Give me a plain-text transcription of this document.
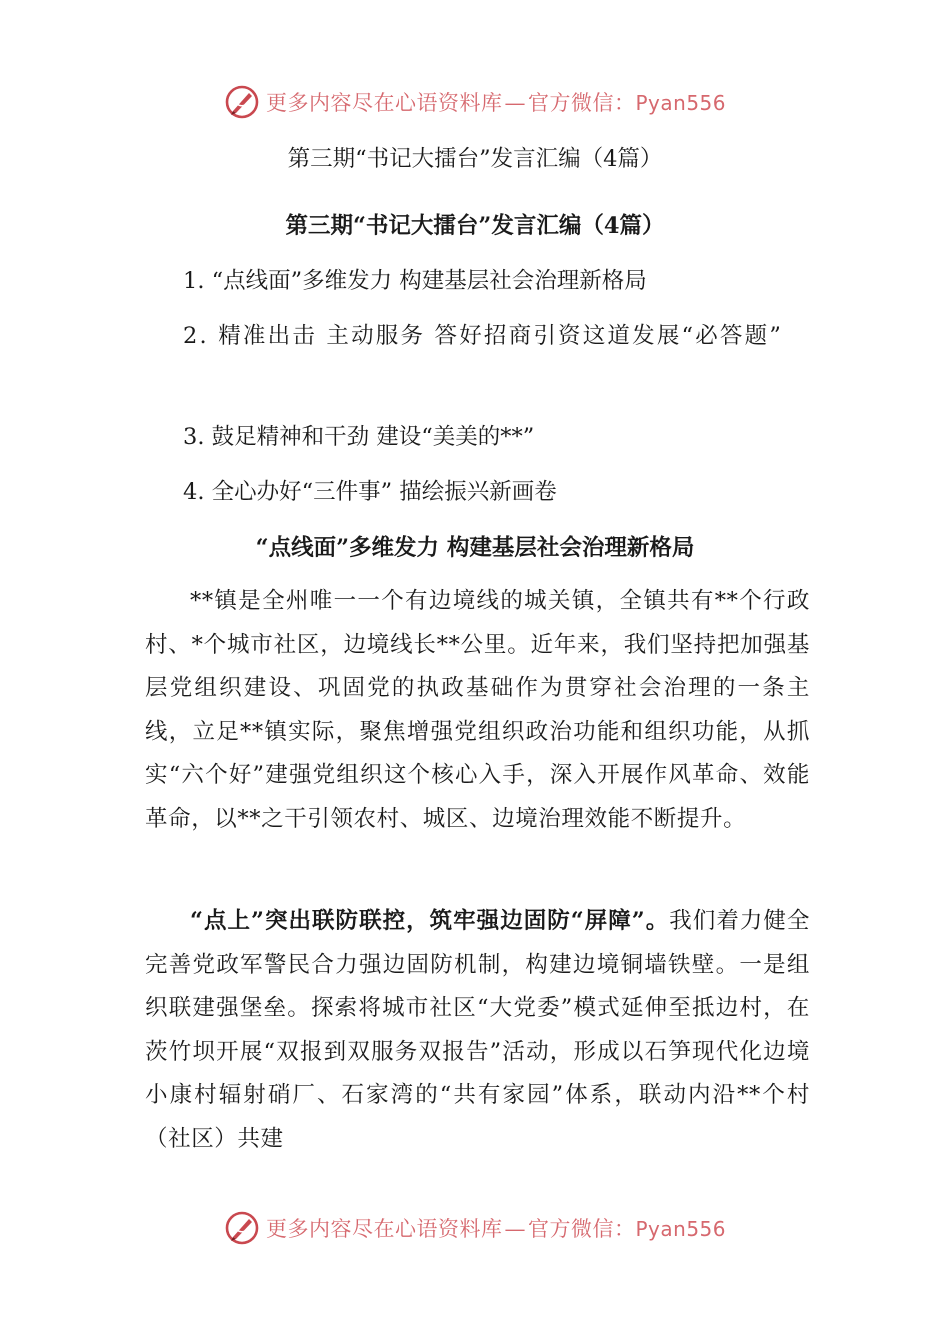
更多内容尽在心语资料库—官方微信：Pyan556
第三期“书记大擂台”发言汇编（4篇）
第三期“书记大擂台”发言汇编（4篇）
1. “点线面”多维发力 构建基层社会治理新格局
2. 精准出击 主动服务 答好招商引资这道发展“必答题”
3. 鼓足精神和干劲 建设“美美的**”
4. 全心办好“三件事” 描绘振兴新画卷
“点线面”多维发力 构建基层社会治理新格局
**镇是全州唯一一个有边境线的城关镇，全镇共有**个行政村、*个城市社区，边境线长**公里。近年来，我们坚持把加强基层党组织建设、巩固党的执政基础作为贯穿社会治理的一条主线，立足**镇实际，聚焦增强党组织政治功能和组织功能，从抓实“六个好”建强党组织这个核心入手，深入开展作风革命、效能革命，以**之干引领农村、城区、边境治理效能不断提升。
“点上”突出联防联控，筑牢强边固防“屏障”。我们着力健全完善党政军警民合力强边固防机制，构建边境铜墙铁壁。一是组织联建强堡垒。探索将城市社区“大党委”模式延伸至抵边村，在茨竹坝开展“双报到双服务双报告”活动，形成以石笋现代化边境小康村辐射硝厂、石家湾的“共有家园”体系，联动内沿**个村（社区）共建
更多内容尽在心语资料库—官方微信：Pyan556
